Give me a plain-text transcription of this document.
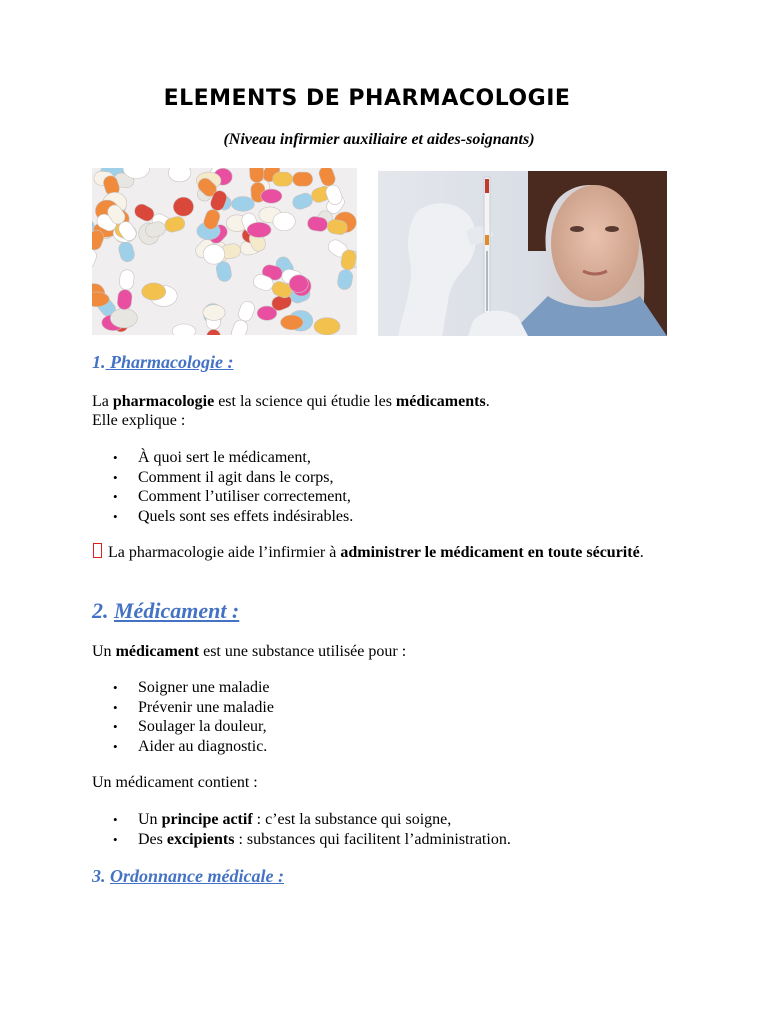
ELEMENTS DE PHARMACOLOGIE
(Niveau infirmier auxiliaire et aides-soignants)
1. Pharmacologie :
La pharmacologie est la science qui étudie les médicaments.
Elle explique :
• À quoi sert le médicament,
• Comment il agit dans le corps,
• Comment l’utiliser correctement,
• Quels sont ses effets indésirables.
La pharmacologie aide l’infirmier à administrer le médicament en toute sécurité.
2. Médicament :
Un médicament est une substance utilisée pour :
• Soigner une maladie
• Prévenir une maladie
• Soulager la douleur,
• Aider au diagnostic.
Un médicament contient :
• Un principe actif : c’est la substance qui soigne,
• Des excipients : substances qui facilitent l’administration.
3. Ordonnance médicale :
